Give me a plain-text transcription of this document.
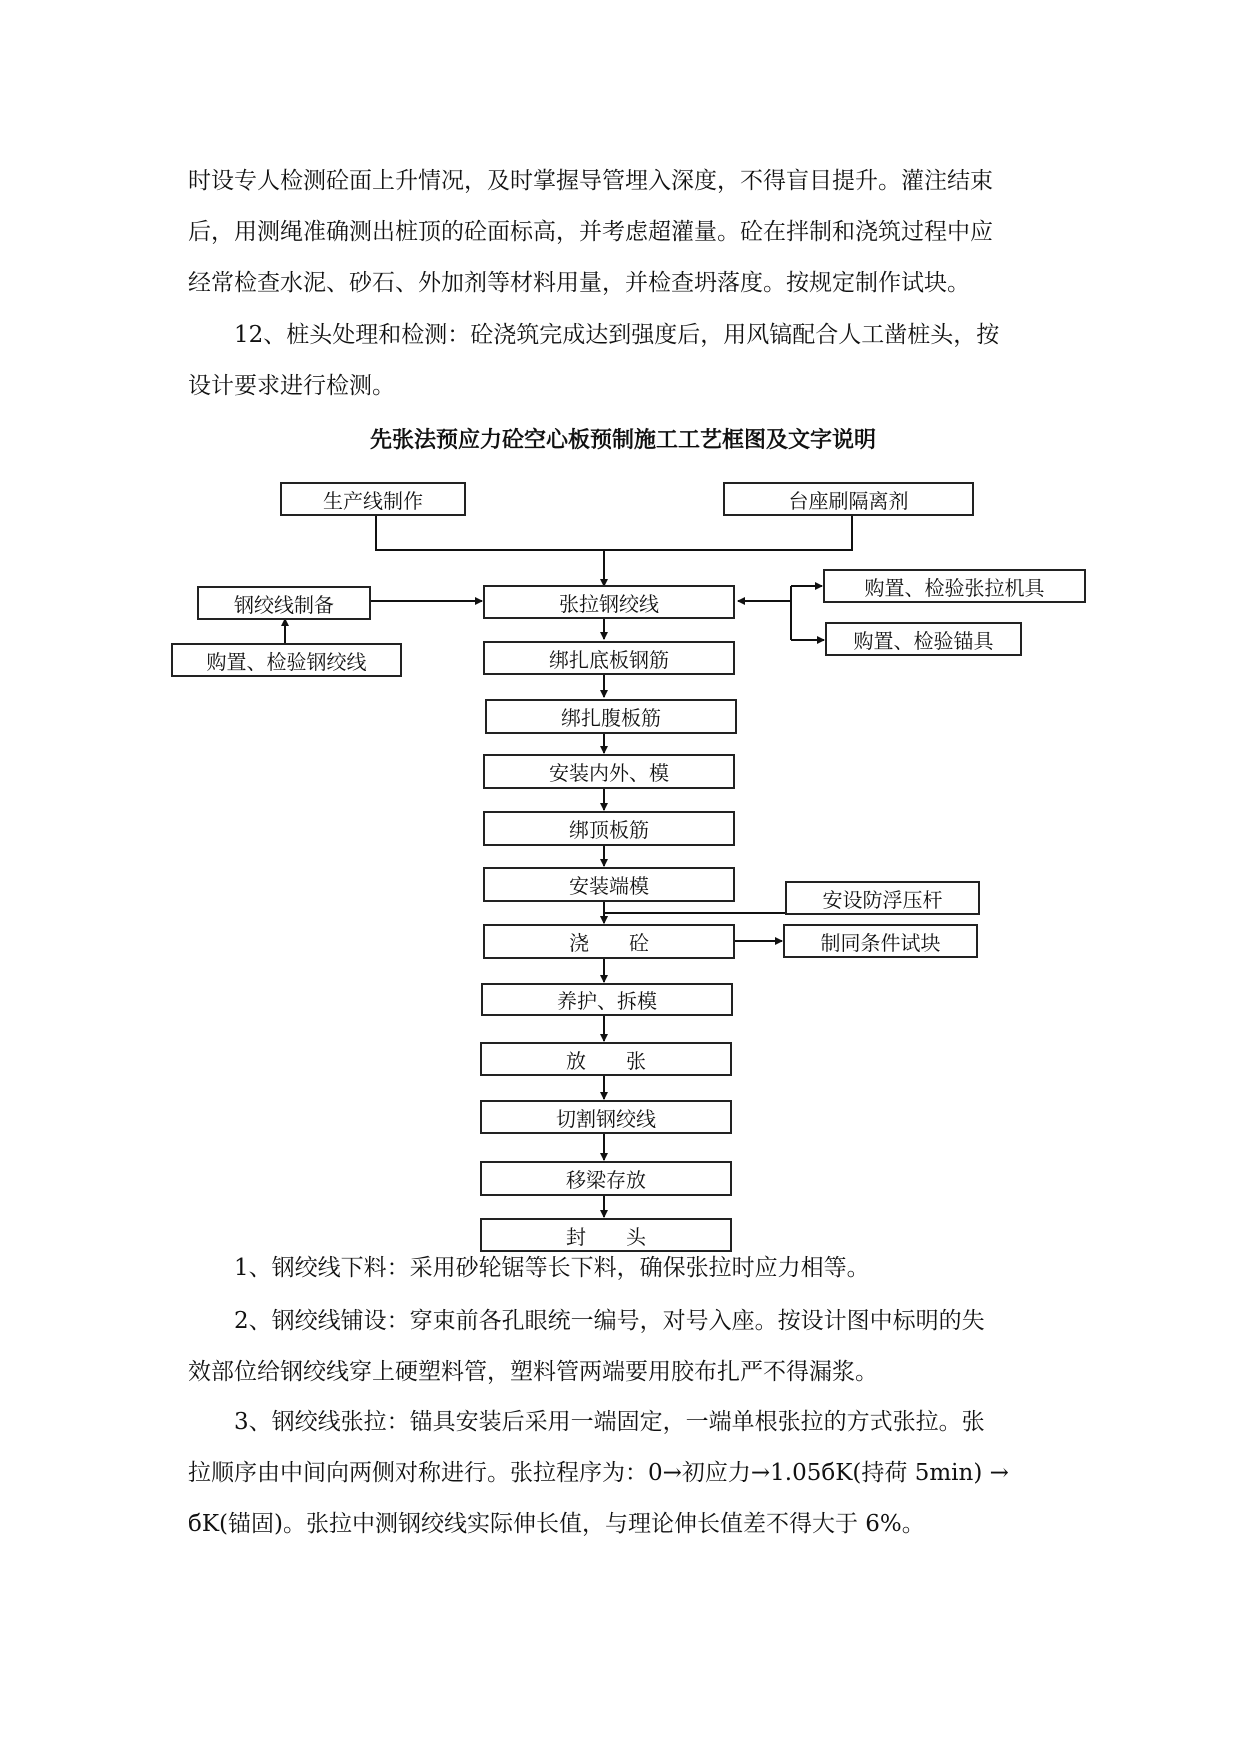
时设专人检测砼面上升情况，及时掌握导管埋入深度，不得盲目提升。灌注结束
后，用测绳准确测出桩顶的砼面标高，并考虑超灌量。砼在拌制和浇筑过程中应
经常检查水泥、砂石、外加剂等材料用量，并检查坍落度。按规定制作试块。
12、桩头处理和检测：砼浇筑完成达到强度后，用风镐配合人工凿桩头，按
设计要求进行检测。
先张法预应力砼空心板预制施工工艺框图及文字说明
生产线制作	台座刷隔离剂
钢绞线制备
购置、检验钢绞线
购置、检验张拉机具
购置、检验锚具
安设防浮压杆
制同条件试块
张拉钢绞线
绑扎底板钢筋
绑扎腹板筋
安装内外、模
绑顶板筋
安装端模
浇　　砼
养护、拆模
放　　张
切割钢绞线
移梁存放
封　　头
1、钢绞线下料：采用砂轮锯等长下料，确保张拉时应力相等。
2、钢绞线铺设：穿束前各孔眼统一编号，对号入座。按设计图中标明的失
效部位给钢绞线穿上硬塑料管，塑料管两端要用胶布扎严不得漏浆。
3、钢绞线张拉：锚具安装后采用一端固定，一端单根张拉的方式张拉。张
拉顺序由中间向两侧对称进行。张拉程序为：0→初应力→1.05бK(持荷 5min) →
бK(锚固)。张拉中测钢绞线实际伸长值，与理论伸长值差不得大于 6%。
